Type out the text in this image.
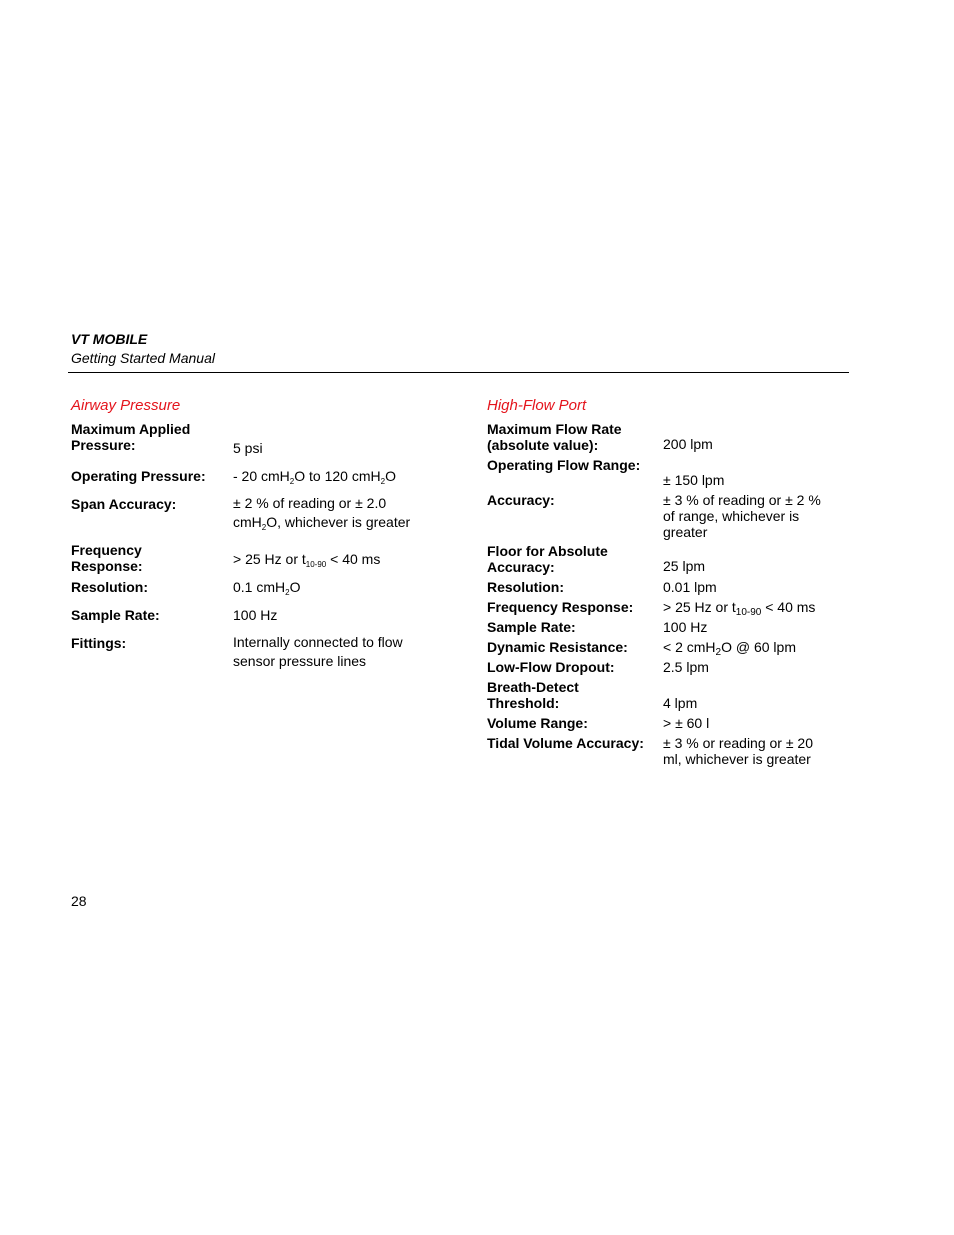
VT MOBILE
Getting Started Manual
Airway Pressure
Maximum Applied
Pressure:	5 psi
Operating Pressure: - 20 cmH$_2$O to 120 cmH$_2$O
Span Accuracy:	± 2 % of reading or ± 2.0
cmH$_2$O, whichever is greater
Frequency
Response:	> 25 Hz or $t_{10-90} < 40$ ms
Resolution:	0.1 cmH$_2$O
Sample Rate:	100 Hz
Fittings:	Internally connected to flow
sensor pressure lines
High-Flow Port
Maximum Flow Rate
(absolute value):	200 lpm
Operating Flow Range:
± 150 lpm
Accuracy:	± 3 % of reading or ± 2 %
of range, whichever is
greater
Floor for Absolute
Accuracy:	25 lpm
Resolution:	0.01 lpm
Frequency Response: > 25 Hz or $t_{10-90} < 40$ ms
Sample Rate:	100 Hz
Dynamic Resistance:	< 2 cmH$_2$O @ 60 lpm
Low-Flow Dropout:	2.5 lpm
Breath-Detect
Threshold:	4 lpm
Volume Range:	> ± 60 l
Tidal Volume Accuracy: ± 3 % or reading or ± 20
ml, whichever is greater
28
